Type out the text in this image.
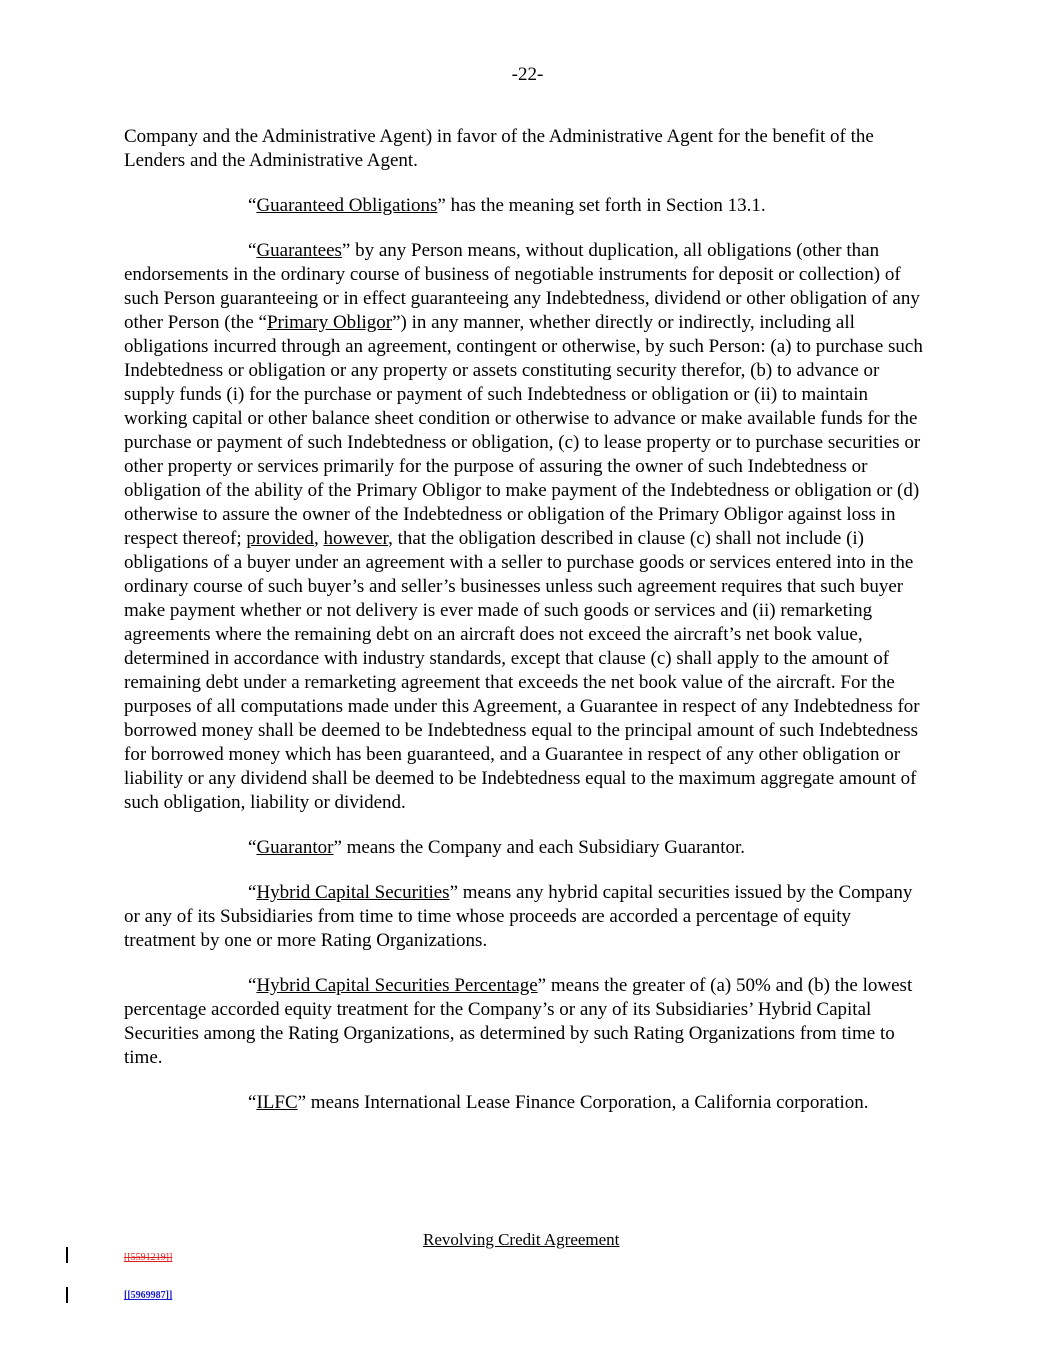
-22-

Company and the Administrative Agent) in favor of the Administrative Agent for the benefit of the Lenders and the Administrative Agent.

“Guaranteed Obligations” has the meaning set forth in Section 13.1.

“Guarantees” by any Person means, without duplication, all obligations (other than endorsements in the ordinary course of business of negotiable instruments for deposit or collection) of such Person guaranteeing or in effect guaranteeing any Indebtedness, dividend or other obligation of any other Person (the “Primary Obligor”) in any manner, whether directly or indirectly, including all obligations incurred through an agreement, contingent or otherwise, by such Person: (a) to purchase such Indebtedness or obligation or any property or assets constituting security therefor, (b) to advance or supply funds (i) for the purchase or payment of such Indebtedness or obligation or (ii) to maintain working capital or other balance sheet condition or otherwise to advance or make available funds for the purchase or payment of such Indebtedness or obligation, (c) to lease property or to purchase securities or other property or services primarily for the purpose of assuring the owner of such Indebtedness or obligation of the ability of the Primary Obligor to make payment of the Indebtedness or obligation or (d) otherwise to assure the owner of the Indebtedness or obligation of the Primary Obligor against loss in respect thereof; provided, however, that the obligation described in clause (c) shall not include (i) obligations of a buyer under an agreement with a seller to purchase goods or services entered into in the ordinary course of such buyer’s and seller’s businesses unless such agreement requires that such buyer make payment whether or not delivery is ever made of such goods or services and (ii) remarketing agreements where the remaining debt on an aircraft does not exceed the aircraft’s net book value, determined in accordance with industry standards, except that clause (c) shall apply to the amount of remaining debt under a remarketing agreement that exceeds the net book value of the aircraft. For the purposes of all computations made under this Agreement, a Guarantee in respect of any Indebtedness for borrowed money shall be deemed to be Indebtedness equal to the principal amount of such Indebtedness for borrowed money which has been guaranteed, and a Guarantee in respect of any other obligation or liability or any dividend shall be deemed to be Indebtedness equal to the maximum aggregate amount of such obligation, liability or dividend.

“Guarantor” means the Company and each Subsidiary Guarantor.

“Hybrid Capital Securities” means any hybrid capital securities issued by the Company or any of its Subsidiaries from time to time whose proceeds are accorded a percentage of equity treatment by one or more Rating Organizations.

“Hybrid Capital Securities Percentage” means the greater of (a) 50% and (b) the lowest percentage accorded equity treatment for the Company’s or any of its Subsidiaries’ Hybrid Capital Securities among the Rating Organizations, as determined by such Rating Organizations from time to time.

“ILFC” means International Lease Finance Corporation, a California corporation.

Revolving Credit Agreement
[[5591219]]
[[5969987]]
